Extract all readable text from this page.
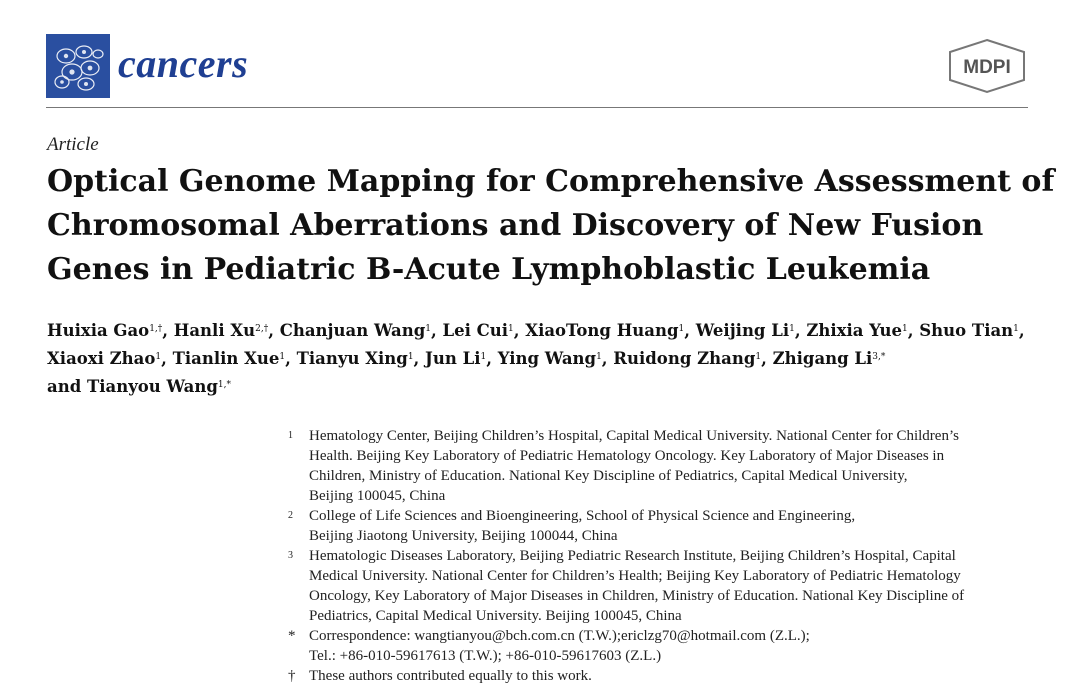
cancers	MDPI
Article
Optical Genome Mapping for Comprehensive Assessment of
Chromosomal Aberrations and Discovery of New Fusion
Genes in Pediatric B-Acute Lymphoblastic Leukemia
Huixia Gao$^{1,\dagger}$, Hanli $Xu^{2,\dagger}$, Chanjuan Wang$^1$, Lei Cui$^1$, XiaoTong Huang$^1$, Weijing Li$^1$, Zhixia Yue$^1$, Shuo Tian$^1$,
Xiaoxi Zhao$^1$, Tianlin Xue$^1$, Tianyu Xing$^1$, Jun Li$^1$, Ying Wang$^1$, Ruidong Zhang$^1$, Zhigang $Li^{3,*}$
and Tianyou Wang$^{1,*}$
1	Hematology Center, Beijing Children’s Hospital, Capital Medical University. National Center for Children’s
Health. Beijing Key Laboratory of Pediatric Hematology Oncology. Key Laboratory of Major Diseases in
Children, Ministry of Education. National Key Discipline of Pediatrics, Capital Medical University,
Beijing 100045, China
2	College of Life Sciences and Bioengineering, School of Physical Science and Engineering,
Beijing Jiaotong University, Beijing 100044, China
3	Hematologic Diseases Laboratory, Beijing Pediatric Research Institute, Beijing Children’s Hospital, Capital
Medical University. National Center for Children’s Health; Beijing Key Laboratory of Pediatric Hematology
Oncology, Key Laboratory of Major Diseases in Children, Ministry of Education. National Key Discipline of
Pediatrics, Capital Medical University. Beijing 100045, China
* Correspondence: wangtianyou@bch.com.cn (T.W.);ericlzg70@hotmail.com (Z.L.);
Tel.: +86-010-59617613 (T.W.); +86-010-59617603 (Z.L.)
† These authors contributed equally to this work.
